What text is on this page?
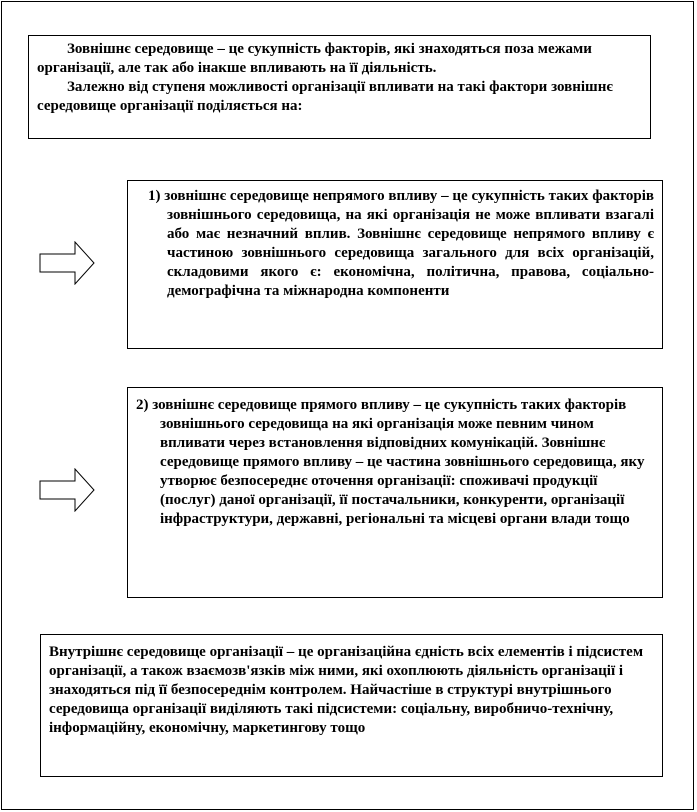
Зовнішнє середовище – це сукупність факторів, які знаходяться поза межами організації, але так або інакше впливають на її діяльність.

Залежно від ступеня можливості організації впливати на такі фактори зовнішнє середовище організації поділяється на:

1) зовнішнє середовище непрямого впливу – це сукупність таких факторів зовнішнього середовища, на які організація не може впливати взагалі або має незначний вплив. Зовнішнє середовище непрямого впливу є частиною зовнішнього середовища загального для всіх організацій, складовими якого є: економічна, політична, правова, соціально-демографічна та міжнародна компоненти

2) зовнішнє середовище прямого впливу – це сукупність таких факторів зовнішнього середовища на які організація може певним чином впливати через встановлення відповідних комунікацій. Зовнішнє середовище прямого впливу – це частина зовнішнього середовища, яку утворює безпосереднє оточення організації: споживачі продукції (послуг) даної організації, її постачальники, конкуренти, організації інфраструктури, державні, регіональні та місцеві органи влади тощо

Внутрішнє середовище організації – це організаційна єдність всіх елементів і підсистем організації, а також взаємозв'язків між ними, які охоплюють діяльність організації і знаходяться під її безпосереднім контролем. Найчастіше в структурі внутрішнього середовища організації виділяють такі підсистеми: соціальну, виробничо-технічну, інформаційну, економічну, маркетингову тощо
